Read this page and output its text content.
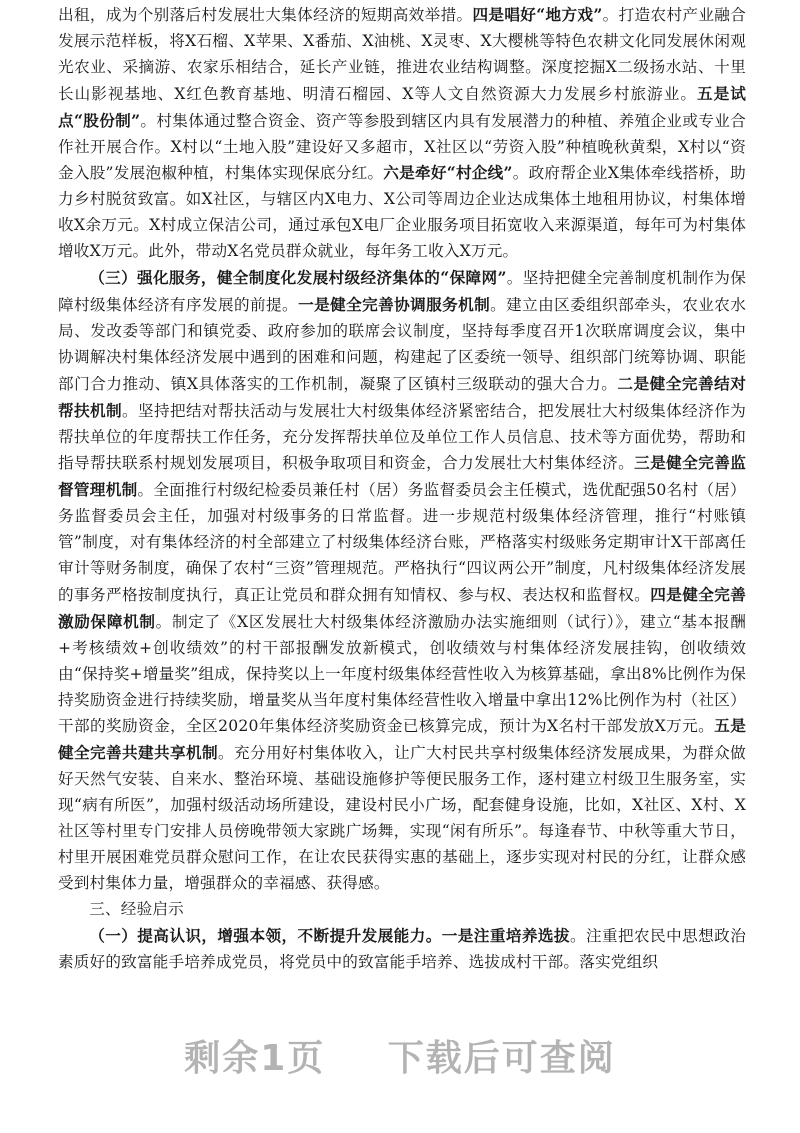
出租，成为个别落后村发展壮大集体经济的短期高效举措。四是唱好“地方戏”。打造农村产业融合发展示范样板，将X石榴、X苹果、X番茄、X油桃、X灵枣、X大樱桃等特色农耕文化同发展休闲观光农业、采摘游、农家乐相结合，延长产业链，推进农业结构调整。深度挖掘X二级扬水站、十里长山影视基地、X红色教育基地、明清石榴园、X等人文自然资源大力发展乡村旅游业。五是试点“股份制”。村集体通过整合资金、资产等参股到辖区内具有发展潜力的种植、养殖企业或专业合作社开展合作。X村以“土地入股”建设好又多超市，X社区以“劳资入股”种植晚秋黄梨，X村以“资金入股”发展泡椒种植，村集体实现保底分红。六是牵好“村企线”。政府帮企业X集体牵线搭桥，助力乡村脱贫致富。如X社区，与辖区内X电力、X公司等周边企业达成集体土地租用协议，村集体增收X余万元。X村成立保洁公司，通过承包X电厂企业服务项目拓宽收入来源渠道，每年可为村集体增收X万元。此外，带动X名党员群众就业，每年务工收入X万元。

（三）强化服务，健全制度化发展村级经济集体的“保障网”。坚持把健全完善制度机制作为保障村级集体经济有序发展的前提。一是健全完善协调服务机制。建立由区委组织部牵头，农业农水局、发改委等部门和镇党委、政府参加的联席会议制度，坚持每季度召开1次联席调度会议，集中协调解决村集体经济发展中遇到的困难和问题，构建起了区委统一领导、组织部门统筹协调、职能部门合力推动、镇X具体落实的工作机制，凝聚了区镇村三级联动的强大合力。二是健全完善结对帮扶机制。坚持把结对帮扶活动与发展壮大村级集体经济紧密结合，把发展壮大村级集体经济作为帮扶单位的年度帮扶工作任务，充分发挥帮扶单位及单位工作人员信息、技术等方面优势，帮助和指导帮扶联系村规划发展项目，积极争取项目和资金，合力发展壮大村集体经济。三是健全完善监督管理机制。全面推行村级纪检委员兼任村（居）务监督委员会主任模式，选优配强50名村（居）务监督委员会主任，加强对村级事务的日常监督。进一步规范村级集体经济管理，推行“村账镇管”制度，对有集体经济的村全部建立了村级集体经济台账，严格落实村级账务定期审计X干部离任审计等财务制度，确保了农村“三资”管理规范。严格执行“四议两公开”制度，凡村级集体经济发展的事务严格按制度执行，真正让党员和群众拥有知情权、参与权、表达权和监督权。四是健全完善激励保障机制。制定了《X区发展壮大村级集体经济激励办法实施细则（试行）》，建立“基本报酬+考核绩效+创收绩效”的村干部报酬发放新模式，创收绩效与村集体经济发展挂钩，创收绩效由“保持奖+增量奖”组成，保持奖以上一年度村级集体经营性收入为核算基础，拿出8%比例作为保持奖励资金进行持续奖励，增量奖从当年度村集体经营性收入增量中拿出12%比例作为村（社区）干部的奖励资金，全区2020年集体经济奖励资金已核算完成，预计为X名村干部发放X万元。五是健全完善共建共享机制。充分用好村集体收入，让广大村民共享村级集体经济发展成果，为群众做好天然气安装、自来水、整治环境、基础设施修护等便民服务工作，逐村建立村级卫生服务室，实现“病有所医”，加强村级活动场所建设，建设村民小广场，配套健身设施，比如，X社区、X村、X社区等村里专门安排人员傍晚带领大家跳广场舞，实现“闲有所乐”。每逢春节、中秋等重大节日，村里开展困难党员群众慰问工作，在让农民获得实惠的基础上，逐步实现对村民的分红，让群众感受到村集体力量，增强群众的幸福感、获得感。

三、经验启示

（一）提高认识，增强本领，不断提升发展能力。一是注重培养选拔。注重把农民中思想政治素质好的致富能手培养成党员，将党员中的致富能手培养、选拔成村干部。落实党组织

剩余1页 下载后可查阅
